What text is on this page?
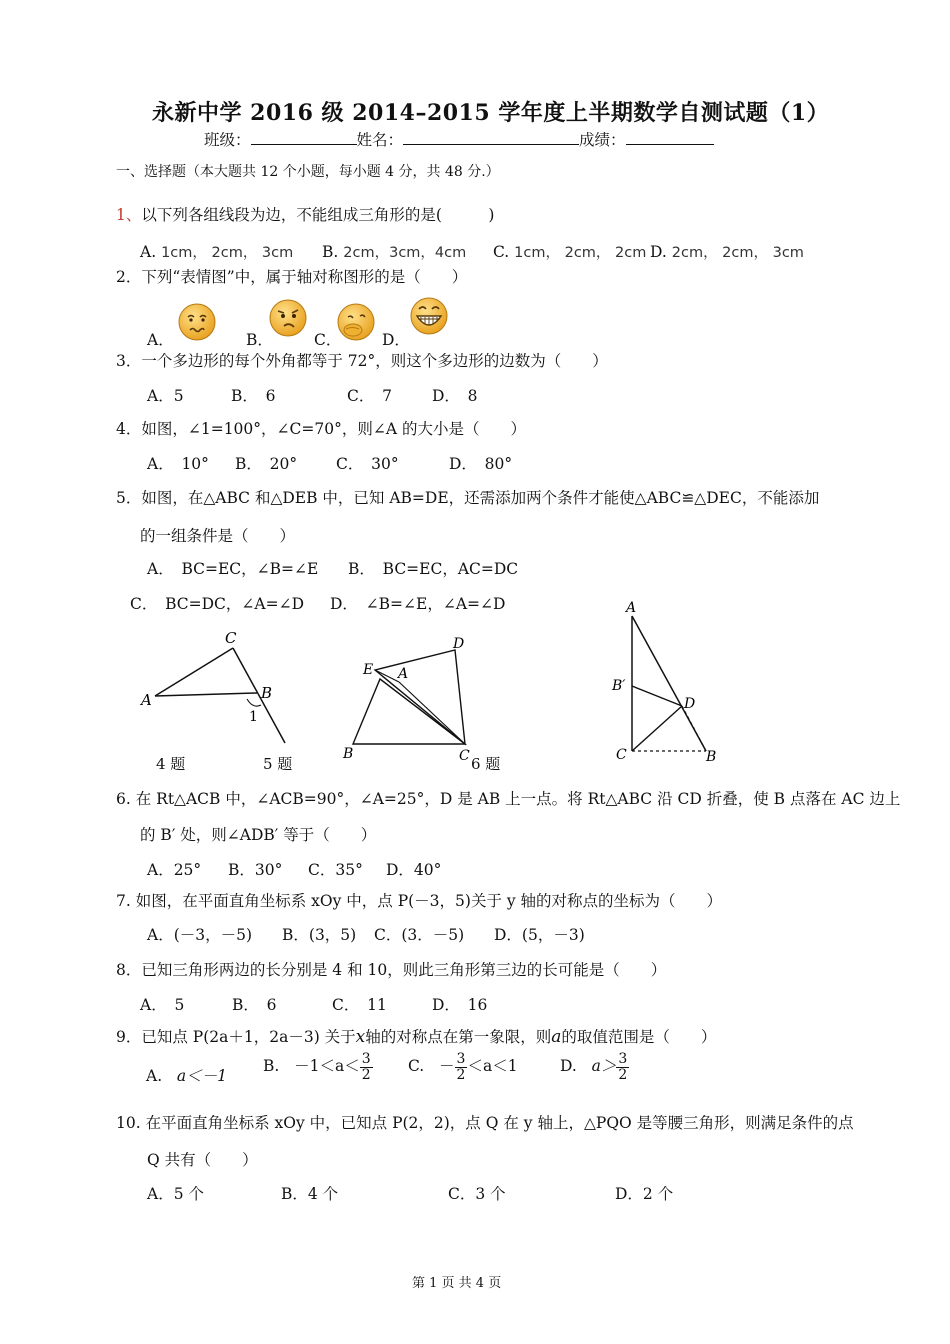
永新中学 2016 级 2014–2015 学年度上半期数学自测试题（1）
班级：	姓名：	成绩：
一、选择题（本大题共 12 个小题，每小题 4 分，共 48 分.）
1、以下列各组线段为边，不能组成三角形的是(　　　)
A. 1cm， 2cm， 3cm B. 2cm，3cm，4cm C. 1cm， 2cm， 2cm D. 2cm， 2cm， 3cm
2．下列“表情图”中，属于轴对称图形的是（　　）
A．	B．	C．	D．
3．一个多边形的每个外角都等于 72°，则这个多边形的边数为（　　）
A．5	B．　6	C．　7	D．　8
4．如图，∠1=100°，∠C=70°，则∠A 的大小是（　　）
A．　10° B．　20°	C．　30°	D．　80°
5．如图，在△ABC 和△DEB 中，已知 AB=DE，还需添加两个条件才能使△ABC≌△DEC，不能添加
的一组条件是（　　）
A．　BC=EC，∠B=∠E B．　BC=EC，AC=DC
C．　BC=DC，∠A=∠D D．　∠B=∠E，∠A=∠D
A
C
B
1
4 题
B
E A
D
C
5 题	6 题
A
B′
D
C	B
6. 在 Rt△ACB 中，∠ACB=90°，∠A=25°，D 是 AB 上一点。将 Rt△ABC 沿 CD 折叠，使 B 点落在 AC 边上
的 B′ 处，则∠ADB′ 等于（　　）
A．25° B．30° C．35° D．40°
7. 如图，在平面直角坐标系 xOy 中，点 P(－3，5)关于 y 轴的对称点的坐标为（　　）
A．(－3，－5) B．(3，5) C．(3．－5) D．(5，－3)
8．已知三角形两边的长分别是 4 和 10，则此三角形第三边的长可能是（　　）
A．　5	B．　6	C．　11	D．　16
9．已知点 P(2a＋1，2a－3) 关于x轴的对称点在第一象限，则a的取值范围是（　　）
A. a＜－1
B. $-1<a< \frac{3}{2} C$. － $\frac{3}{2} <a<1$	D. $a> \frac{3}{2}$
10. 在平面直角坐标系 xOy 中，已知点 P(2，2)，点 Q 在 y 轴上，△PQO 是等腰三角形，则满足条件的点
Q 共有（　　）
A．5 个	B．4 个	C．3 个	D．2 个
第 1 页 共 4 页
